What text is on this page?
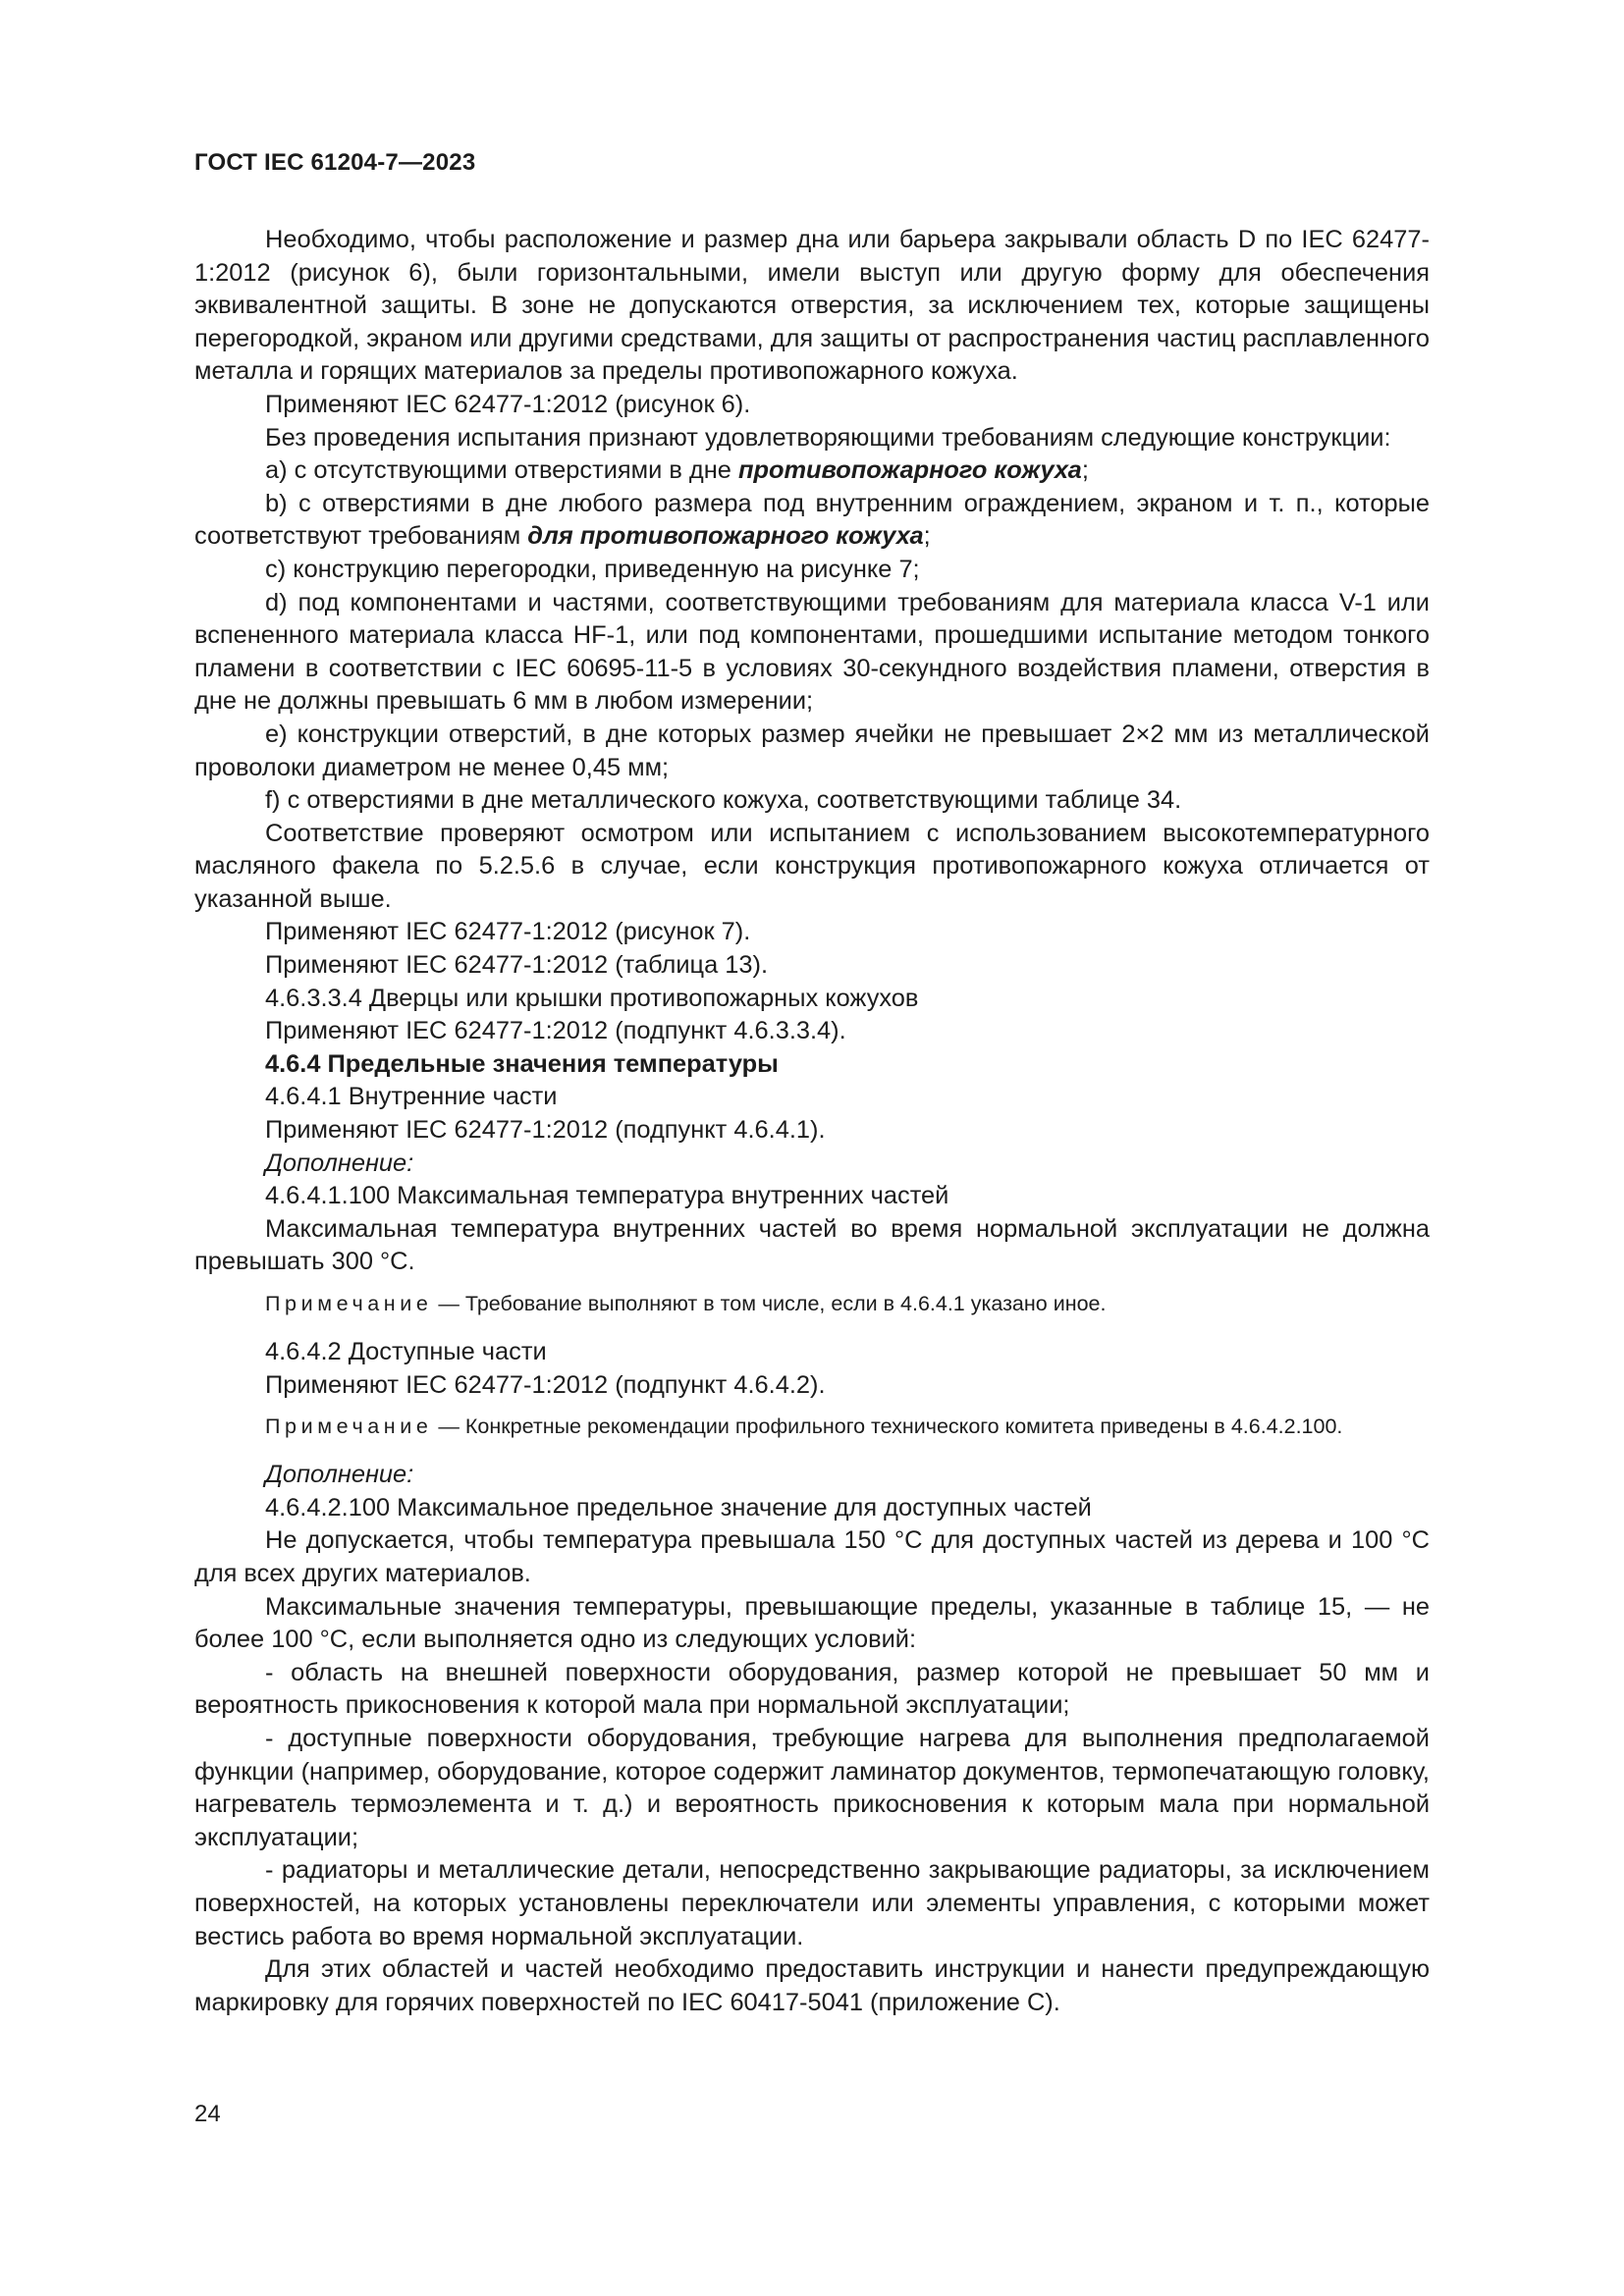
ГОСТ IEC 61204-7—2023

Необходимо, чтобы расположение и размер дна или барьера закрывали область D по IEC 62477-1:2012 (рисунок 6), были горизонтальными, имели выступ или другую форму для обеспечения эквивалентной защиты. В зоне не допускаются отверстия, за исключением тех, которые защищены перегородкой, экраном или другими средствами, для защиты от распространения частиц расплавленного металла и горящих материалов за пределы противопожарного кожуха.

Применяют IEC 62477-1:2012 (рисунок 6).

Без проведения испытания признают удовлетворяющими требованиям следующие конструкции:

a) с отсутствующими отверстиями в дне противопожарного кожуха;

b) с отверстиями в дне любого размера под внутренним ограждением, экраном и т. п., которые соответствуют требованиям для противопожарного кожуха;

c) конструкцию перегородки, приведенную на рисунке 7;

d) под компонентами и частями, соответствующими требованиям для материала класса V-1 или вспененного материала класса HF-1, или под компонентами, прошедшими испытание методом тонкого пламени в соответствии с IEC 60695-11-5 в условиях 30-секундного воздействия пламени, отверстия в дне не должны превышать 6 мм в любом измерении;

e) конструкции отверстий, в дне которых размер ячейки не превышает 2×2 мм из металлической проволоки диаметром не менее 0,45 мм;

f) с отверстиями в дне металлического кожуха, соответствующими таблице 34.

Соответствие проверяют осмотром или испытанием с использованием высокотемпературного масляного факела по 5.2.5.6 в случае, если конструкция противопожарного кожуха отличается от указанной выше.

Применяют IEC 62477-1:2012 (рисунок 7).

Применяют IEC 62477-1:2012 (таблица 13).

4.6.3.3.4 Дверцы или крышки противопожарных кожухов

Применяют IEC 62477-1:2012 (подпункт 4.6.3.3.4).

4.6.4 Предельные значения температуры

4.6.4.1 Внутренние части

Применяют IEC 62477-1:2012 (подпункт 4.6.4.1).

Дополнение:

4.6.4.1.100 Максимальная температура внутренних частей

Максимальная температура внутренних частей во время нормальной эксплуатации не должна превышать 300 °С.

Примечание — Требование выполняют в том числе, если в 4.6.4.1 указано иное.

4.6.4.2 Доступные части

Применяют IEC 62477-1:2012 (подпункт 4.6.4.2).

Примечание — Конкретные рекомендации профильного технического комитета приведены в 4.6.4.2.100.

Дополнение:

4.6.4.2.100 Максимальное предельное значение для доступных частей

Не допускается, чтобы температура превышала 150 °С для доступных частей из дерева и 100 °С для всех других материалов.

Максимальные значения температуры, превышающие пределы, указанные в таблице 15, — не более 100 °С, если выполняется одно из следующих условий:

- область на внешней поверхности оборудования, размер которой не превышает 50 мм и вероятность прикосновения к которой мала при нормальной эксплуатации;

- доступные поверхности оборудования, требующие нагрева для выполнения предполагаемой функции (например, оборудование, которое содержит ламинатор документов, термопечатающую головку, нагреватель термоэлемента и т. д.) и вероятность прикосновения к которым мала при нормальной эксплуатации;

- радиаторы и металлические детали, непосредственно закрывающие радиаторы, за исключением поверхностей, на которых установлены переключатели или элементы управления, с которыми может вестись работа во время нормальной эксплуатации.

Для этих областей и частей необходимо предоставить инструкции и нанести предупреждающую маркировку для горячих поверхностей по IEC 60417-5041 (приложение С).

24
